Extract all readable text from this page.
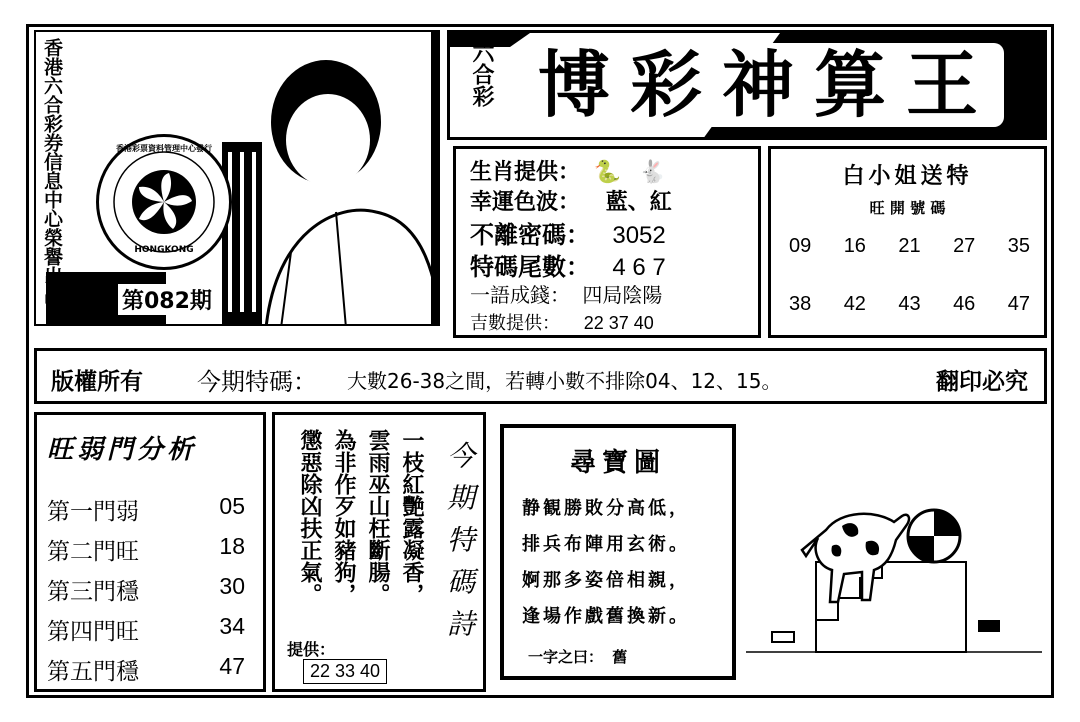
香港六合彩券信息中心榮譽出品	HONGKONG
香港彩票資料管理中心發行
第082期
六合彩 博彩神算王
生肖提供： 🐍 🐇
幸運色波： 藍、紅
不離密碼： 3052
特碼尾數： 4 6 7
一語成錢： 四局陰陽
吉數提供： 22 37 40
白小姐送特
旺 開 號 碼
09 16 21 27 35
38 42 43 46 47
版權所有 今期特碼： 大數26-38之間，若轉小數不排除04、12、15。	翻印必究
旺弱門分析
第一門弱	05
第二門旺	18
第三門穩	30
第四門旺	34
第五門穩	47
一枝紅艷露凝香，
雲雨巫山枉斷腸。
為非作歹如豬狗，
懲惡除凶扶正氣。	今期特碼詩
提供：
22 33 40
尋寶圖
静観勝敗分高低，
排兵布陣用玄術。
婀那多姿倍相親，
逢場作戲舊換新。
一字之曰： 舊
